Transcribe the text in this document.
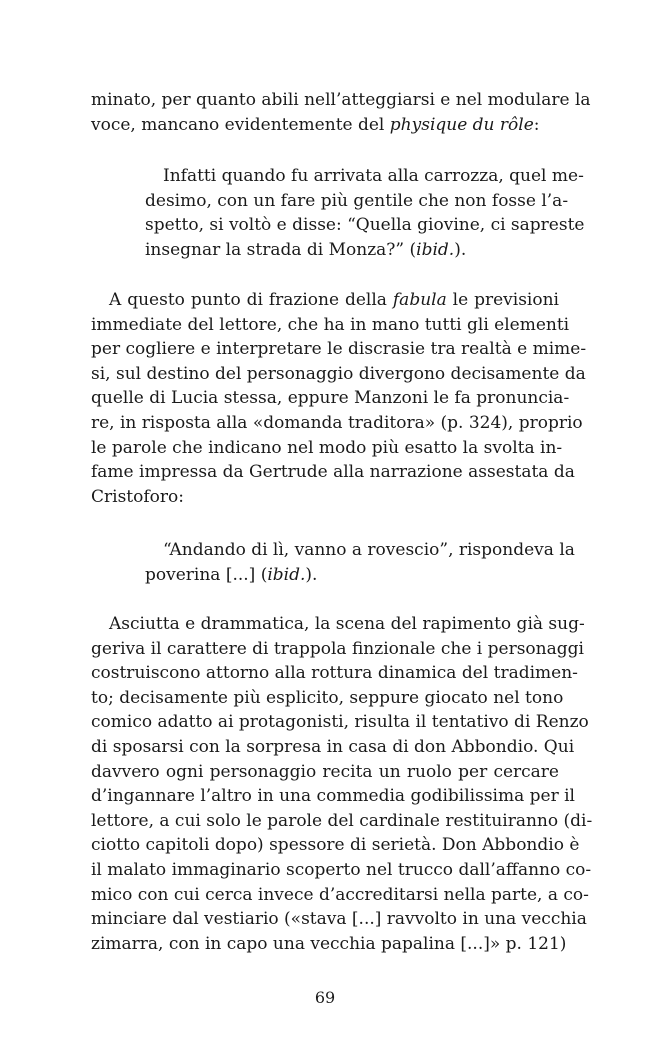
minato, per quanto abili nell’atteggiarsi e nel modulare la
voce, mancano evidentemente del physique du rôle:
Infatti quando fu arrivata alla carrozza, quel me-
desimo, con un fare più gentile che non fosse l’a-
spetto, si voltò e disse: “Quella giovine, ci sapreste
insegnar la strada di Monza?” (ibid.).
A questo punto di frazione della fabula le previsioni
immediate del lettore, che ha in mano tutti gli elementi
per cogliere e interpretare le discrasie tra realtà e mime-
si, sul destino del personaggio divergono decisamente da
quelle di Lucia stessa, eppure Manzoni le fa pronuncia-
re, in risposta alla «domanda traditora» (p. 324), proprio
le parole che indicano nel modo più esatto la svolta in-
fame impressa da Gertrude alla narrazione assestata da
Cristoforo:
“Andando di lì, vanno a rovescio”, rispondeva la
poverina [...] (ibid.).
Asciutta e drammatica, la scena del rapimento già sug-
geriva il carattere di trappola finzionale che i personaggi
costruiscono attorno alla rottura dinamica del tradimen-
to; decisamente più esplicito, seppure giocato nel tono
comico adatto ai protagonisti, risulta il tentativo di Renzo
di sposarsi con la sorpresa in casa di don Abbondio. Qui
davvero ogni personaggio recita un ruolo per cercare
d’ingannare l’altro in una commedia godibilissima per il
lettore, a cui solo le parole del cardinale restituiranno (di-
ciotto capitoli dopo) spessore di serietà. Don Abbondio è
il malato immaginario scoperto nel trucco dall’affanno co-
mico con cui cerca invece d’accreditarsi nella parte, a co-
minciare dal vestiario («stava [...] ravvolto in una vecchia
zimarra, con in capo una vecchia papalina [...]» p. 121)
69
